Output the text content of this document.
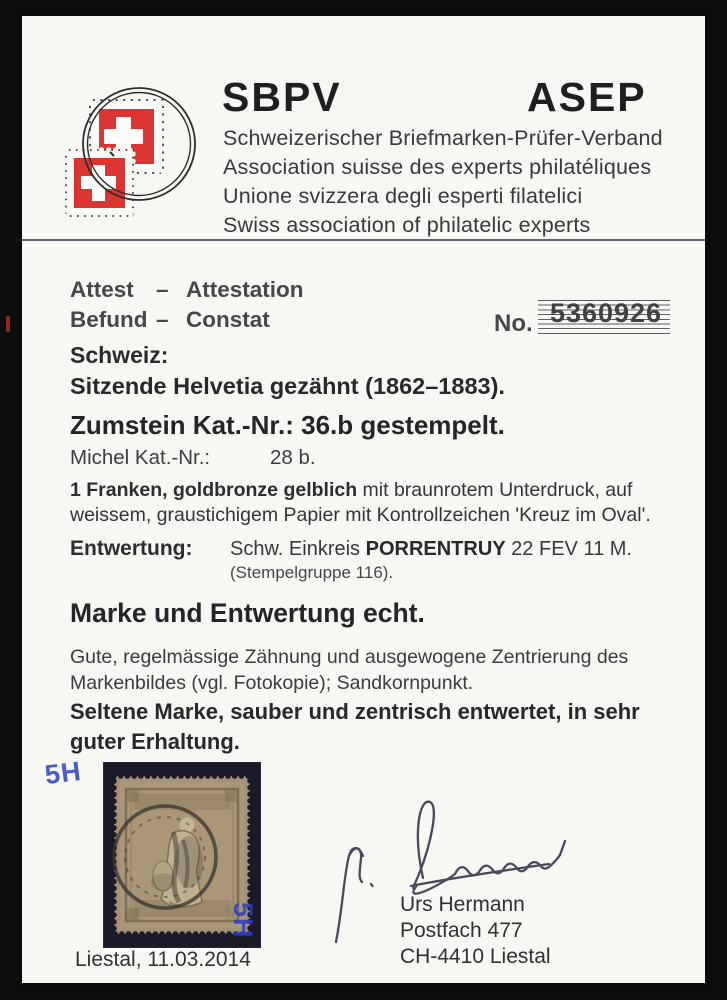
SBPV	ASEP
Schweizerischer Briefmarken-Prüfer-Verband
Association suisse des experts philatéliques
Unione svizzera degli esperti filatelici
Swiss association of philatelic experts
Attest – Attestation
Befund – Constat	No. 5360926
Schweiz:
Sitzende Helvetia gezähnt (1862–1883).
Zumstein Kat.-Nr.: 36.b gestempelt.
Michel Kat.-Nr.:	28 b.
1 Franken, goldbronze gelblich mit braunrotem Unterdruck, auf
weissem, graustichigem Papier mit Kontrollzeichen 'Kreuz im Oval'.
Entwertung: Schw. Einkreis PORRENTRUY 22 FEV 11 M.
(Stempelgruppe 116).
Marke und Entwertung echt.
Gute, regelmässige Zähnung und ausgewogene Zentrierung des
Markenbildes (vgl. Fotokopie); Sandkornpunkt.
Seltene Marke, sauber und zentrisch entwertet, in sehr
guter Erhaltung.
5H
5H
Liestal, 11.03.2014
Urs Hermann
Postfach 477
CH-4410 Liestal
